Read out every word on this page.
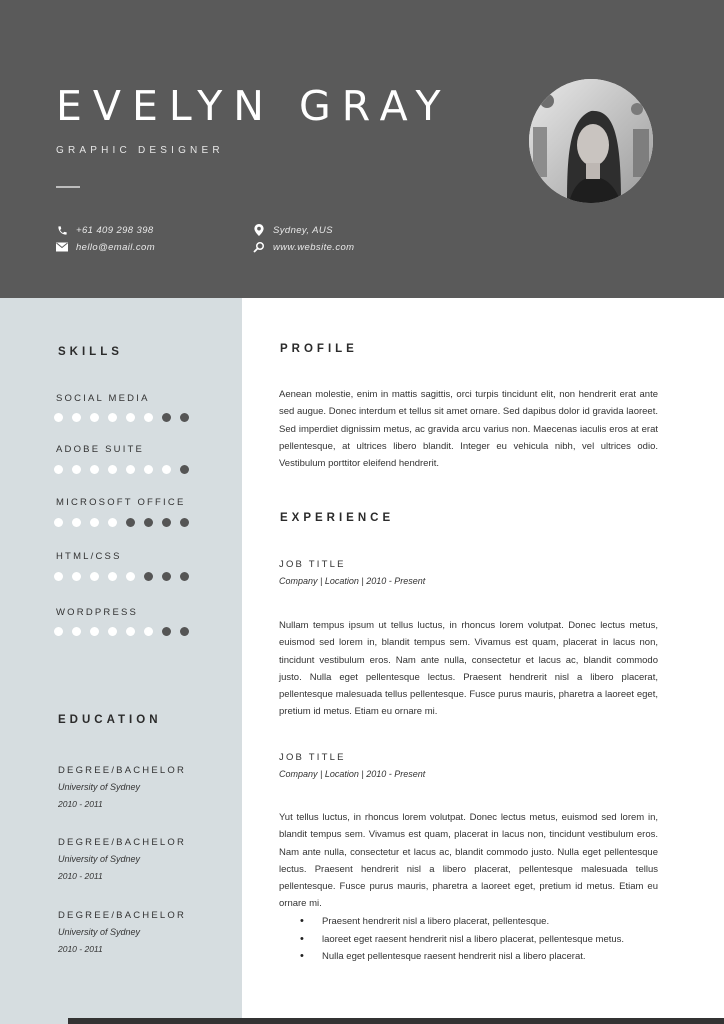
EVELYN GRAY
GRAPHIC DESIGNER
+61 409 298 398
hello@email.com
Sydney, AUS
www.website.com
SKILLS
SOCIAL MEDIA
ADOBE SUITE
MICROSOFT OFFICE
HTML/CSS
WORDPRESS
EDUCATION
DEGREE/BACHELOR
University of Sydney
2010 - 2011
DEGREE/BACHELOR
University of Sydney
2010 - 2011
DEGREE/BACHELOR
University of Sydney
2010 - 2011
PROFILE
Aenean molestie, enim in mattis sagittis, orci turpis tincidunt elit, non hendrerit erat ante sed augue. Donec interdum et tellus sit amet ornare. Sed dapibus dolor id gravida laoreet. Sed imperdiet dignissim metus, ac gravida arcu varius non. Maecenas iaculis eros at erat pellentesque, at ultrices libero blandit. Integer eu vehicula nibh, vel ultrices odio. Vestibulum porttitor eleifend hendrerit.
EXPERIENCE
JOB TITLE
Company | Location | 2010 - Present
Nullam tempus ipsum ut tellus luctus, in rhoncus lorem volutpat. Donec lectus metus, euismod sed lorem in, blandit tempus sem. Vivamus est quam, placerat in lacus non, tincidunt vestibulum eros. Nam ante nulla, consectetur et lacus ac, blandit commodo justo. Nulla eget pellentesque lectus. Praesent hendrerit nisl a libero placerat, pellentesque malesuada tellus pellentesque. Fusce purus mauris, pharetra a laoreet eget, pretium id metus. Etiam eu ornare mi.
JOB TITLE
Company | Location | 2010 - Present
Yut tellus luctus, in rhoncus lorem volutpat. Donec lectus metus, euismod sed lorem in, blandit tempus sem. Vivamus est quam, placerat in lacus non, tincidunt vestibulum eros. Nam ante nulla, consectetur et lacus ac, blandit commodo justo. Nulla eget pellentesque lectus. Praesent hendrerit nisl a libero placerat, pellentesque malesuada tellus pellentesque. Fusce purus mauris, pharetra a laoreet eget, pretium id metus. Etiam eu ornare mi.
• Praesent hendrerit nisl a libero placerat, pellentesque.
• laoreet eget raesent hendrerit nisl a libero placerat, pellentesque metus.
• Nulla eget pellentesque raesent hendrerit nisl a libero placerat.
